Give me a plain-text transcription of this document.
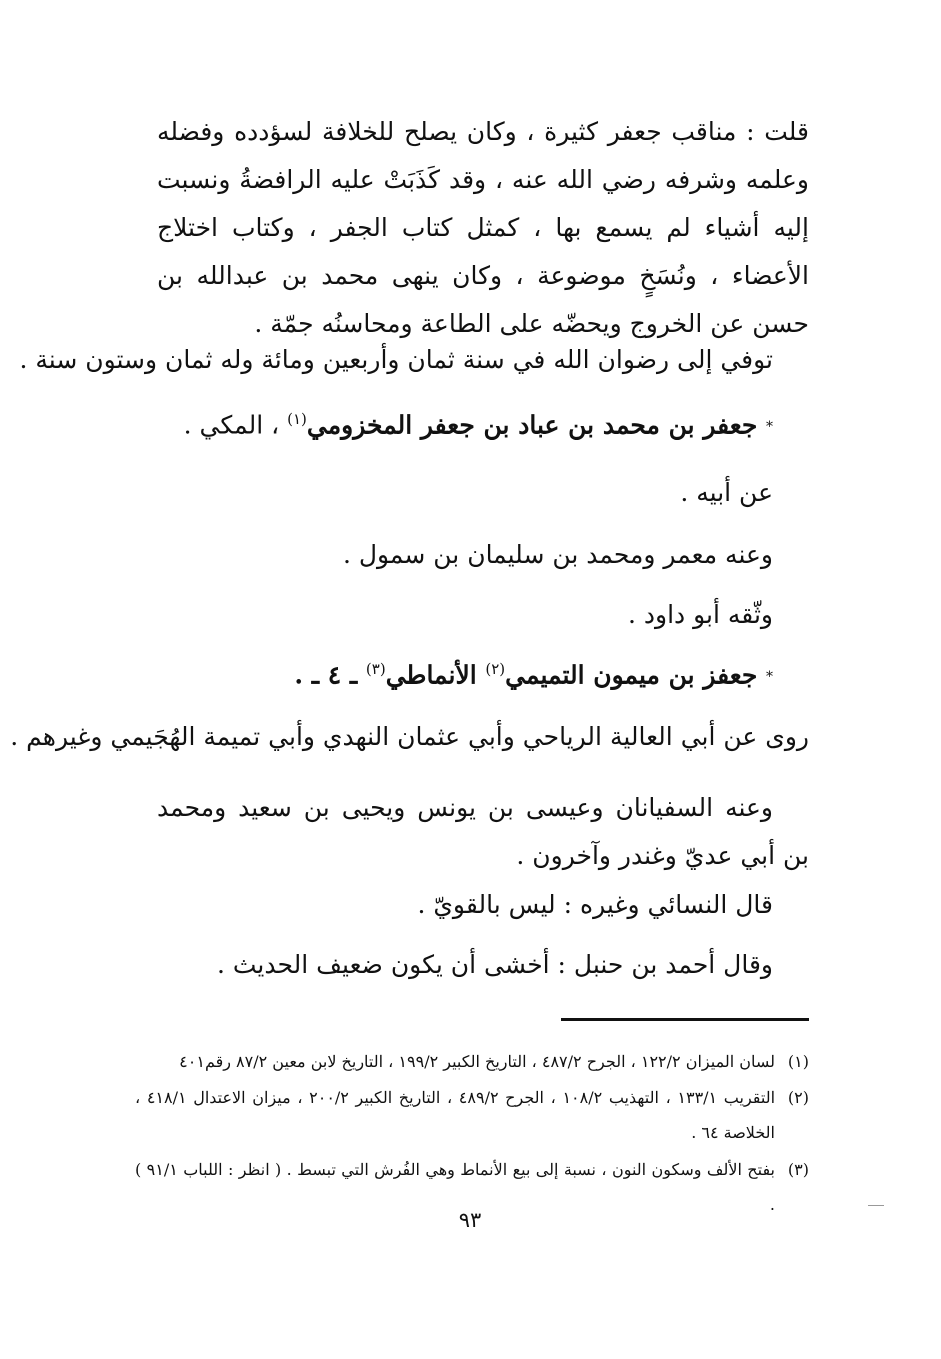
قلت : مناقب جعفر كثيرة ، وكان يصلح للخلافة لسؤدده وفضله وعلمه وشرفه رضي الله عنه ، وقد كَذَبَتْ عليه الرافضةُ ونسبت إليه أشياء لم يسمع بها ، كمثل كتاب الجفر ، وكتاب اختلاج الأعضاء ، ونُسَخٍ موضوعة ، وكان ينهى محمد بن عبدالله بن حسن عن الخروج ويحضّه على الطاعة ومحاسنُه جمّة .

توفي إلى رضوان الله في سنة ثمان وأربعين ومائة وله ثمان وستون سنة .
* جعفر بن محمد بن عباد بن جعفر المخزومي$^{(١)}$ ، المكي .
عن أبيه .
وعنه معمر ومحمد بن سليمان بن سمول .
وثّقه أبو داود .
* جعفز بن ميمون التميمي$^{(٢)}$ الأنماطي$^{(٣)}$ ـ ٤ ـ .
روى عن أبي العالية الرياحي وأبي عثمان النهدي وأبي تميمة الهُجَيمي وغيرهم .

وعنه السفيانان وعيسى بن يونس ويحيى بن سعيد ومحمد بن أبي عديّ وغندر وآخرون .

قال النسائي وغيره : ليس بالقويّ .
وقال أحمد بن حنبل : أخشى أن يكون ضعيف الحديث .
(١)
لسان الميزان ١٢٢/٢ ، الجرح ٤٨٧/٢ ، التاريخ الكبير ١٩٩/٢ ، التاريخ لابن معين ٨٧/٢ رقم٤٠١
(٢)
التقريب ١٣٣/١ ، التهذيب ١٠٨/٢ ، الجرح ٤٨٩/٢ ، التاريخ الكبير ٢٠٠/٢ ، ميزان الاعتدال ٤١٨/١ ، الخلاصة ٦٤ .
(٣)
بفتح الألف وسكون النون ، نسبة إلى بيع الأنماط وهي الفُرش التي تبسط . ( انظر : اللباب ٩١/١ ) .
٩٣
